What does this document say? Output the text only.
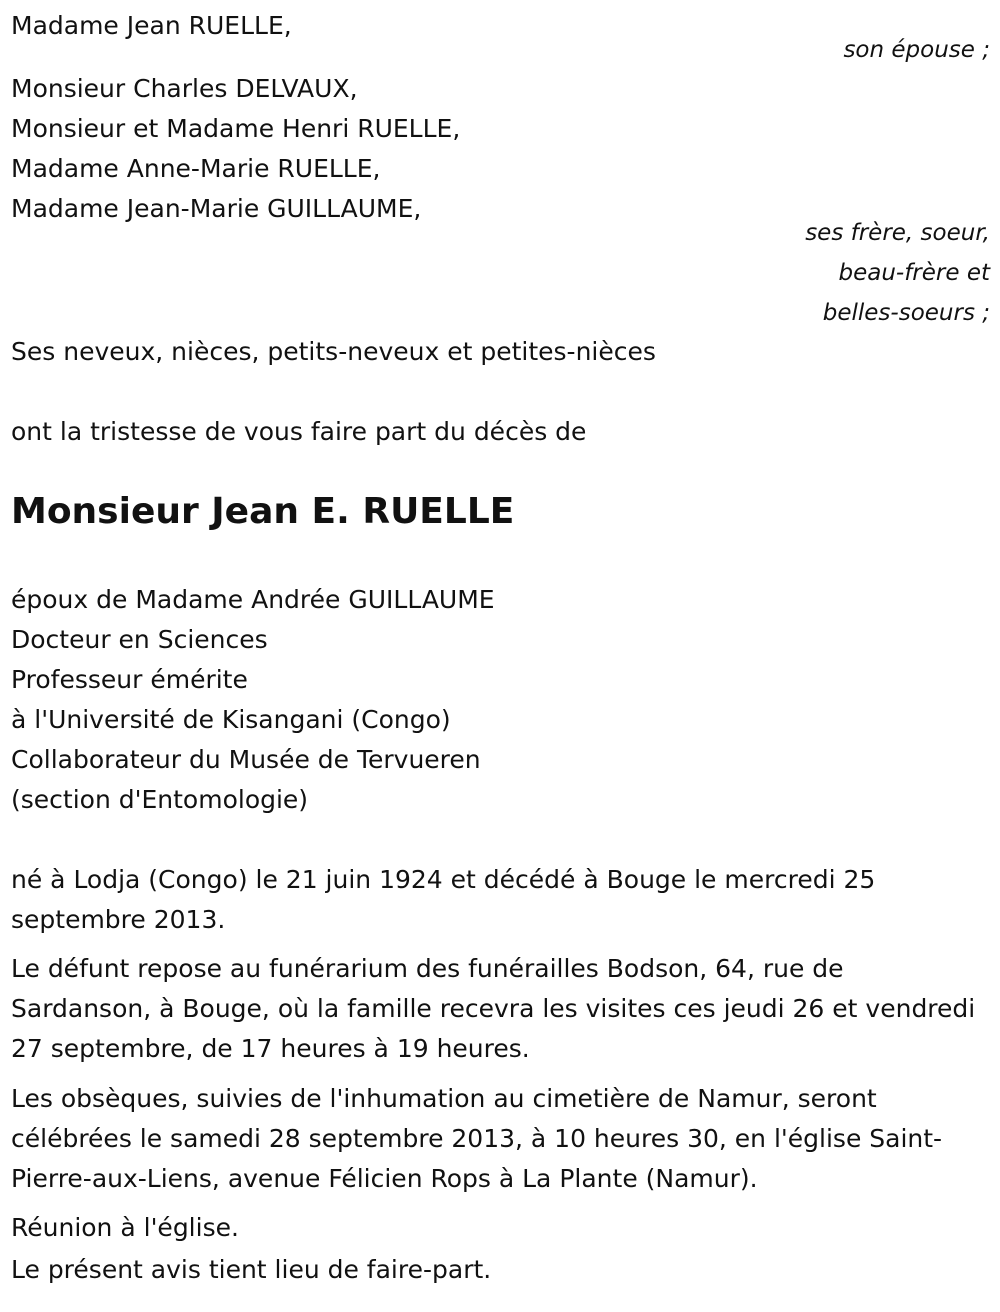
Madame Jean RUELLE,
son épouse ;
Monsieur Charles DELVAUX,
Monsieur et Madame Henri RUELLE,
Madame Anne-Marie RUELLE,
Madame Jean-Marie GUILLAUME,
ses frère, soeur,
beau-frère et
belles-soeurs ;
Ses neveux, nièces, petits-neveux et petites-nièces
ont la tristesse de vous faire part du décès de
Monsieur Jean E. RUELLE
époux de Madame Andrée GUILLAUME
Docteur en Sciences
Professeur émérite
à l'Université de Kisangani (Congo)
Collaborateur du Musée de Tervueren
(section d'Entomologie)
né à Lodja (Congo) le 21 juin 1924 et décédé à Bouge le mercredi 25 septembre 2013.
Le défunt repose au funérarium des funérailles Bodson, 64, rue de Sardanson, à Bouge, où la famille recevra les visites ces jeudi 26 et vendredi 27 septembre, de 17 heures à 19 heures.
Les obsèques, suivies de l'inhumation au cimetière de Namur, seront célébrées le samedi 28 septembre 2013, à 10 heures 30, en l'église Saint-Pierre-aux-Liens, avenue Félicien Rops à La Plante (Namur).
Réunion à l'église.
Le présent avis tient lieu de faire-part.
